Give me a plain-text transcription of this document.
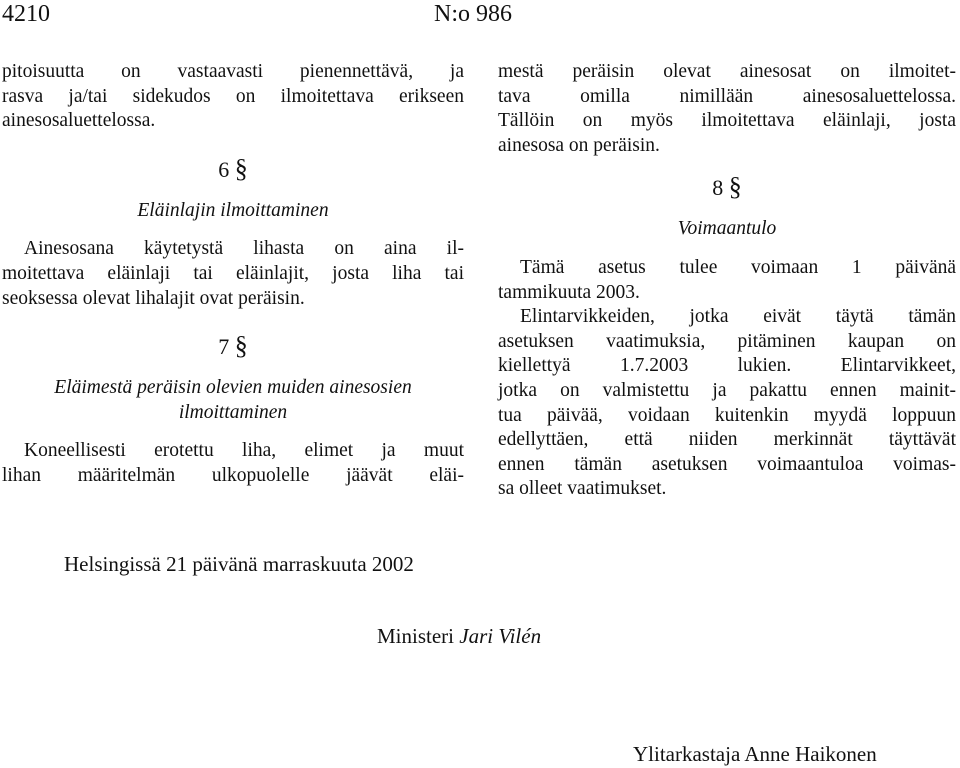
4210	N:o 986
pitoisuutta on vastaavasti pienennettävä, ja
rasva ja/tai sidekudos on ilmoitettava erikseen
ainesosaluettelossa.
6 §
Eläinlajin ilmoittaminen
Ainesosana käytetystä lihasta on aina il-
moitettava eläinlaji tai eläinlajit, josta liha tai
seoksessa olevat lihalajit ovat peräisin.
7 §
Eläimestä peräisin olevien muiden ainesosien
ilmoittaminen
Koneellisesti erotettu liha, elimet ja muut
lihan määritelmän ulkopuolelle jäävät eläi-
mestä peräisin olevat ainesosat on ilmoitet-
tava omilla nimillään ainesosaluettelossa.
Tällöin on myös ilmoitettava eläinlaji, josta
ainesosa on peräisin.
8 §
Voimaantulo
Tämä asetus tulee voimaan 1 päivänä
tammikuuta 2003.
Elintarvikkeiden, jotka eivät täytä tämän
asetuksen vaatimuksia, pitäminen kaupan on
kiellettyä 1.7.2003 lukien. Elintarvikkeet,
jotka on valmistettu ja pakattu ennen mainit-
tua päivää, voidaan kuitenkin myydä loppuun
edellyttäen, että niiden merkinnät täyttävät
ennen tämän asetuksen voimaantuloa voimas-
sa olleet vaatimukset.
Helsingissä 21 päivänä marraskuuta 2002
Ministeri Jari Vilén
Ylitarkastaja Anne Haikonen
